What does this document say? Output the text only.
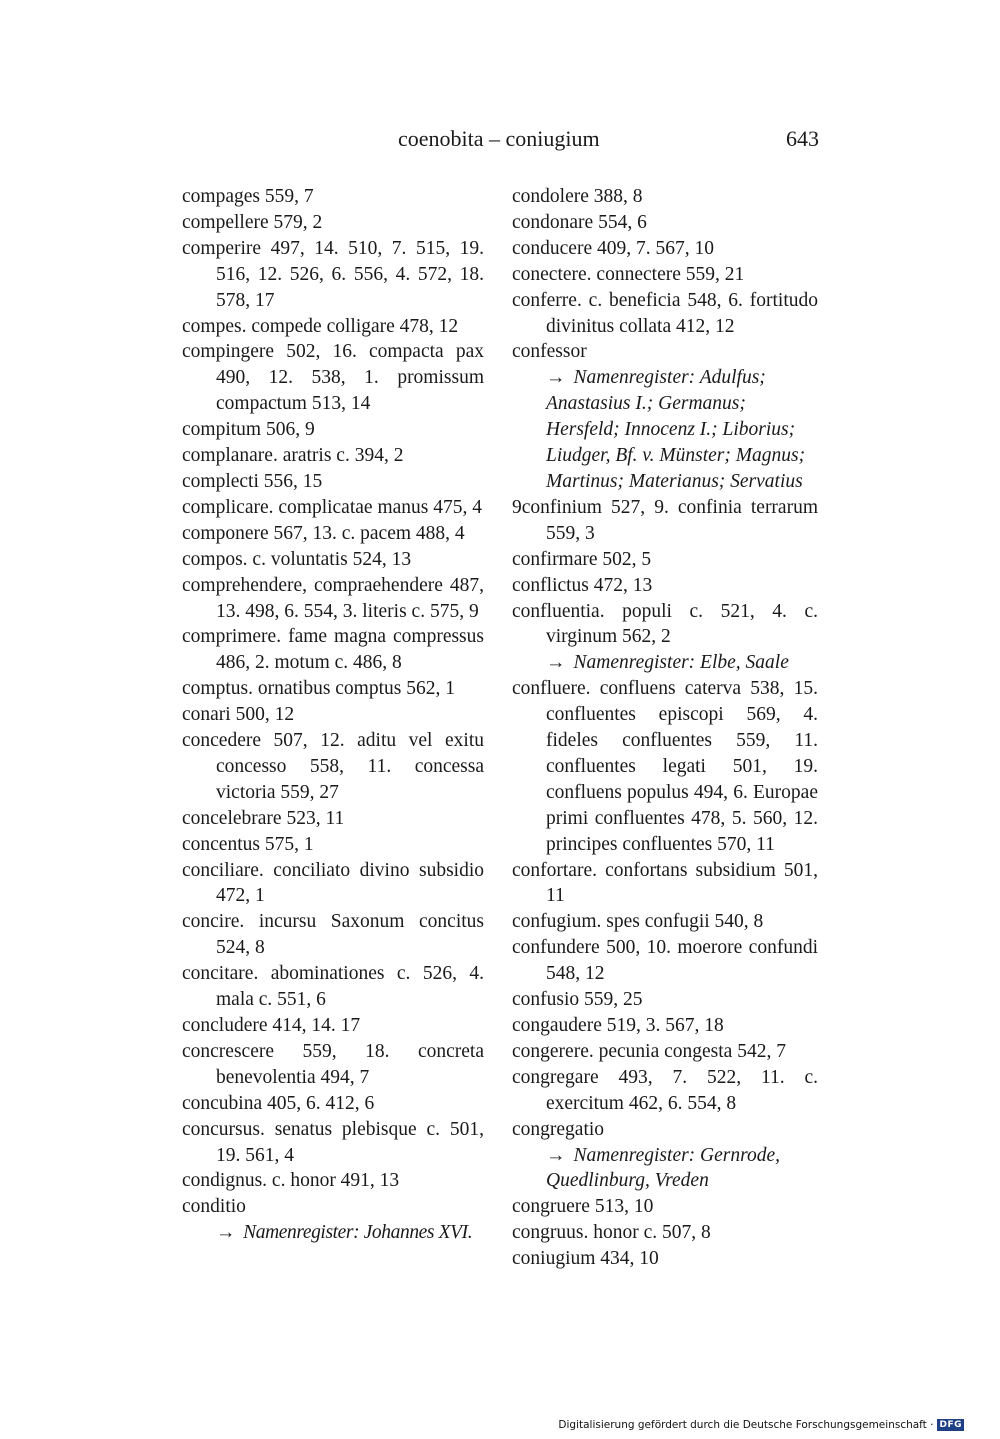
coenobita – coniugium	643
compages 559, 7
compellere 579, 2
comperire 497, 14. 510, 7. 515, 19. 516, 12. 526, 6. 556, 4. 572, 18. 578, 17
compes. compede colligare 478, 12
compingere 502, 16. compacta pax 490, 12. 538, 1. promissum compactum 513, 14
compitum 506, 9
complanare. aratris c. 394, 2
complecti 556, 15
complicare. complicatae manus 475, 4
componere 567, 13. c. pacem 488, 4
compos. c. voluntatis 524, 13
comprehendere, compraehendere 487, 13. 498, 6. 554, 3. literis c. 575, 9
comprimere. fame magna compressus 486, 2. motum c. 486, 8
comptus. ornatibus comptus 562, 1
conari 500, 12
concedere 507, 12. aditu vel exitu concesso 558, 11. concessa victoria 559, 27
concelebrare 523, 11
concentus 575, 1
conciliare. conciliato divino subsidio 472, 1
concire. incursu Saxonum concitus 524, 8
concitare. abominationes c. 526, 4. mala c. 551, 6
concludere 414, 14. 17
concrescere 559, 18. concreta benevolentia 494, 7
concubina 405, 6. 412, 6
concursus. senatus plebisque c. 501, 19. 561, 4
condignus. c. honor 491, 13
conditio
→ Namenregister: Johannes XVI.
condolere 388, 8
condonare 554, 6
conducere 409, 7. 567, 10
conectere. connectere 559, 21
conferre. c. beneficia 548, 6. fortitudo divinitus collata 412, 12
confessor
→ Namenregister: Adulfus; Anastasius I.; Germanus; Hersfeld; Innocenz I.; Liborius; Liudger, Bf. v. Münster; Magnus; Martinus; Materianus; Servatius
9confinium 527, 9. confinia terrarum 559, 3
confirmare 502, 5
conflictus 472, 13
confluentia. populi c. 521, 4. c. virginum 562, 2
→ Namenregister: Elbe, Saale
confluere. confluens caterva 538, 15. confluentes episcopi 569, 4. fideles confluentes 559, 11. confluentes legati 501, 19. confluens populus 494, 6. Europae primi confluentes 478, 5. 560, 12. principes confluentes 570, 11
confortare. confortans subsidium 501, 11
confugium. spes confugii 540, 8
confundere 500, 10. moerore confundi 548, 12
confusio 559, 25
congaudere 519, 3. 567, 18
congerere. pecunia congesta 542, 7
congregare 493, 7. 522, 11. c. exercitum 462, 6. 554, 8
congregatio
→ Namenregister: Gernrode, Quedlinburg, Vreden
congruere 513, 10
congruus. honor c. 507, 8
coniugium 434, 10
Digitalisierung gefördert durch die Deutsche Forschungsgemeinschaft · DFG
